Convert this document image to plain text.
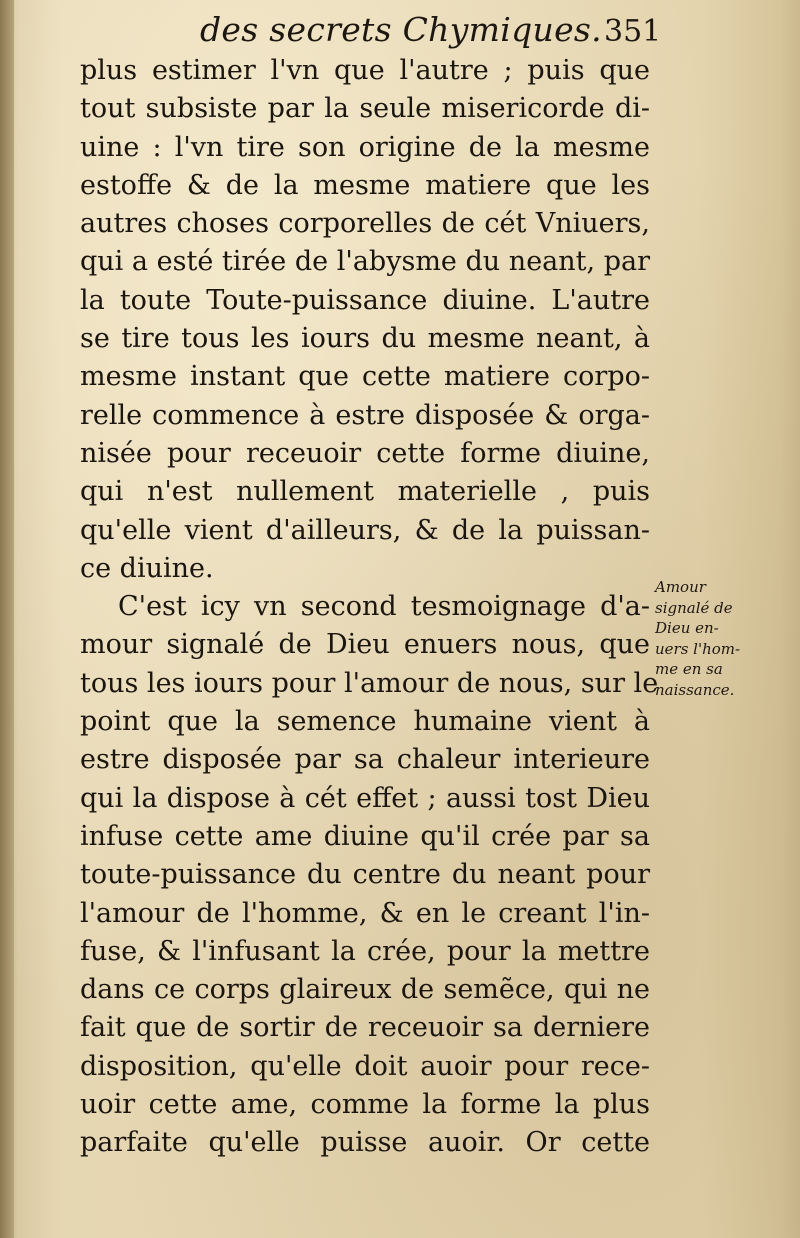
des secrets Chymiques. 351
plus estimer l'vn que l'autre ; puis que
tout subsiste par la seule misericorde di-
uine : l'vn tire son origine de la mesme
estoffe & de la mesme matiere que les
autres choses corporelles de cét Vniuers,
qui a esté tirée de l'abysme du neant, par
la toute Toute-puissance diuine. L'autre
se tire tous les iours du mesme neant, à
mesme instant que cette matiere corpo-
relle commence à estre disposée & orga-
nisée pour receuoir cette forme diuine,
qui n'est nullement materielle , puis
qu'elle vient d'ailleurs, & de la puissan-
ce diuine.
C'est icy vn second tesmoignage d'a-
mour signalé de Dieu enuers nous, que
tous les iours pour l'amour de nous, sur le
point que la semence humaine vient à
estre disposée par sa chaleur interieure
qui la dispose à cét effet ; aussi tost Dieu
infuse cette ame diuine qu'il crée par sa
toute-puissance du centre du neant pour
l'amour de l'homme, & en le creant l'in-
fuse, & l'infusant la crée, pour la mettre
dans ce corps glaireux de semẽce, qui ne
fait que de sortir de receuoir sa derniere
disposition, qu'elle doit auoir pour rece-
uoir cette ame, comme la forme la plus
parfaite qu'elle puisse auoir. Or cette
Amour
signalé de
Dieu en-
uers l'hom-
me en sa
naissance.
